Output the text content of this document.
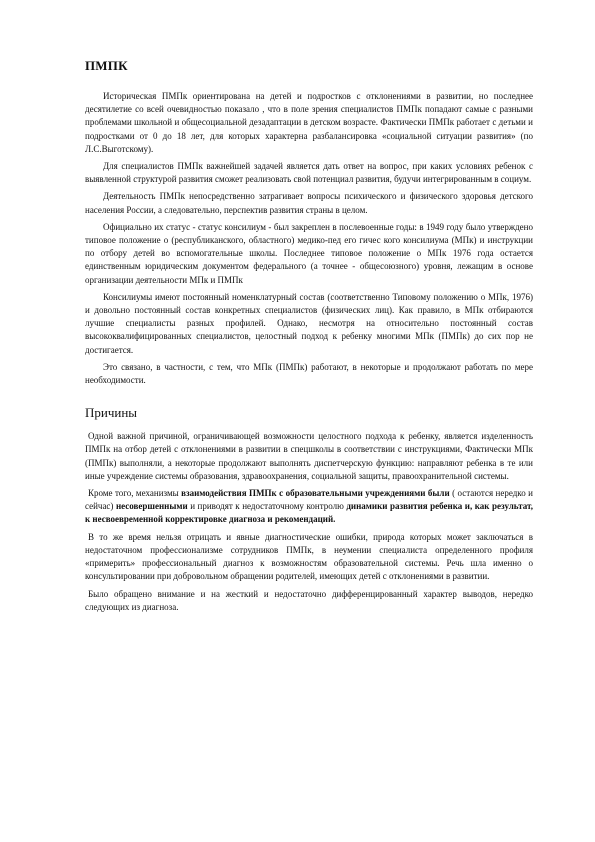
ПМПК

Историческая ПМПк ориентирована на детей и подростков с отклонениями в развитии, но последнее десятилетие со всей очевидностью показало , что в поле зрения специалистов ПМПк попадают самые с разными проблемами школьной и общесоциальной дезадаптации в детском возрасте. Фактически ПМПк работает с детьми и подростками от 0 до 18 лет, для которых характерна разбалансировка «социальной ситуации развития» (по Л.С.Выготскому).

Для специалистов ПМПк важнейшей задачей является дать ответ на вопрос, при каких условиях ребенок с выявленной структурой развития сможет реализовать свой потенциал развития, будучи интегрированным в социум.

Деятельность ПМПк непосредственно затрагивает вопросы психического и физического здоровья детского населения России, а следовательно, перспектив развития страны в целом.

Официально их статус - статус консилиум - был закреплен в послевоенные годы: в 1949 году было утверждено типовое положение о (республиканского, областного) медико-пед его гичес кого консилиума (МПк) и инструкции по отбору детей во вспомогательные школы. Последнее типовое положение о МПк 1976 года остается единственным юридическим документом федерального (а точнее - общесоюзного) уровня, лежащим в основе организации деятельности МПк и ПМПк

Консилиумы имеют постоянный номенклатурный состав (соответственно Типовому положению о МПк, 1976) и довольно постоянный состав конкретных специалистов (физических лиц). Как правило, в МПк отбираются лучшие специалисты разных профилей. Однако, несмотря на относительно постоянный состав высококвалифицированных специалистов, целостный подход к ребенку многими МПк (ПМПк) до сих пор не достигается.

Это связано, в частности, с тем, что МПк (ПМПк) работают, в некоторые и продолжают работать по мере необходимости.

Причины

Одной важной причиной, ограничивающей возможности целостного подхода к ребенку, является изделенность ПМПк на отбор детей с отклонениями в развитии в спецшколы в соответствии с инструкциями, Фактически МПк (ПМПк) выполняли, а некоторые продолжают выполнять диспетчерскую функцию: направляют ребенка в те или иные учреждение системы образования, здравоохранения, социальной защиты, правоохранительной системы.

Кроме того, механизмы взаимодействия ПМПк с образовательными учреждениями были ( остаются нередко и сейчас) несовершенными и приводят к недостаточному контролю динамики развития ребенка и, как результат, к несвоевременной корректировке диагноза и рекомендаций.

В то же время нельзя отрицать и явные диагностические ошибки, природа которых может заключаться в недостаточном профессионализме сотрудников ПМПк, в неумении специалиста определенного профиля «примерить» профессиональный диагноз к возможностям образовательной системы. Речь шла именно о консультировании при добровольном обращении родителей, имеющих детей с отклонениями в развитии.

Было обращено внимание и на жесткий и недостаточно дифференцированный характер выводов, нередко следующих из диагноза.
